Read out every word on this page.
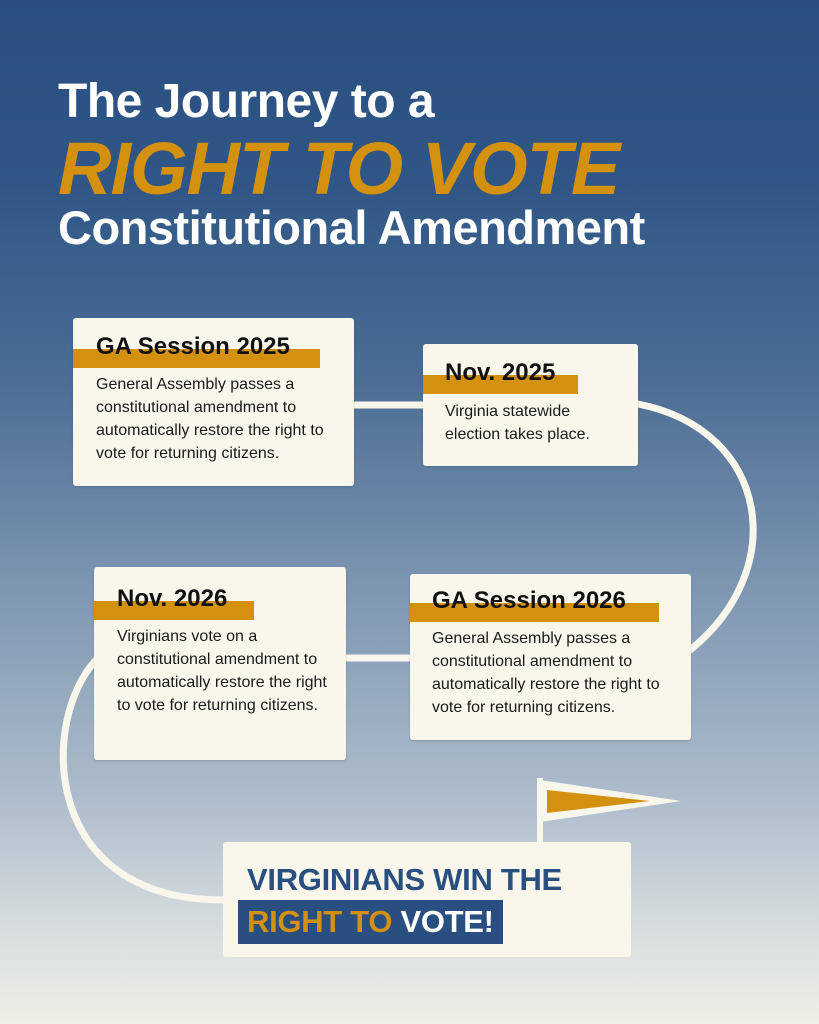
The Journey to a
RIGHT TO VOTE
Constitutional Amendment
GA Session 2025
General Assembly passes a constitutional amendment to automatically restore the right to vote for returning citizens.
Nov. 2025
Virginia statewide election takes place.
GA Session 2026
General Assembly passes a constitutional amendment to automatically restore the right to vote for returning citizens.
Nov. 2026
Virginians vote on a constitutional amendment to automatically restore the right to vote for returning citizens.
VIRGINIANS WIN THE
RIGHT TO VOTE!
